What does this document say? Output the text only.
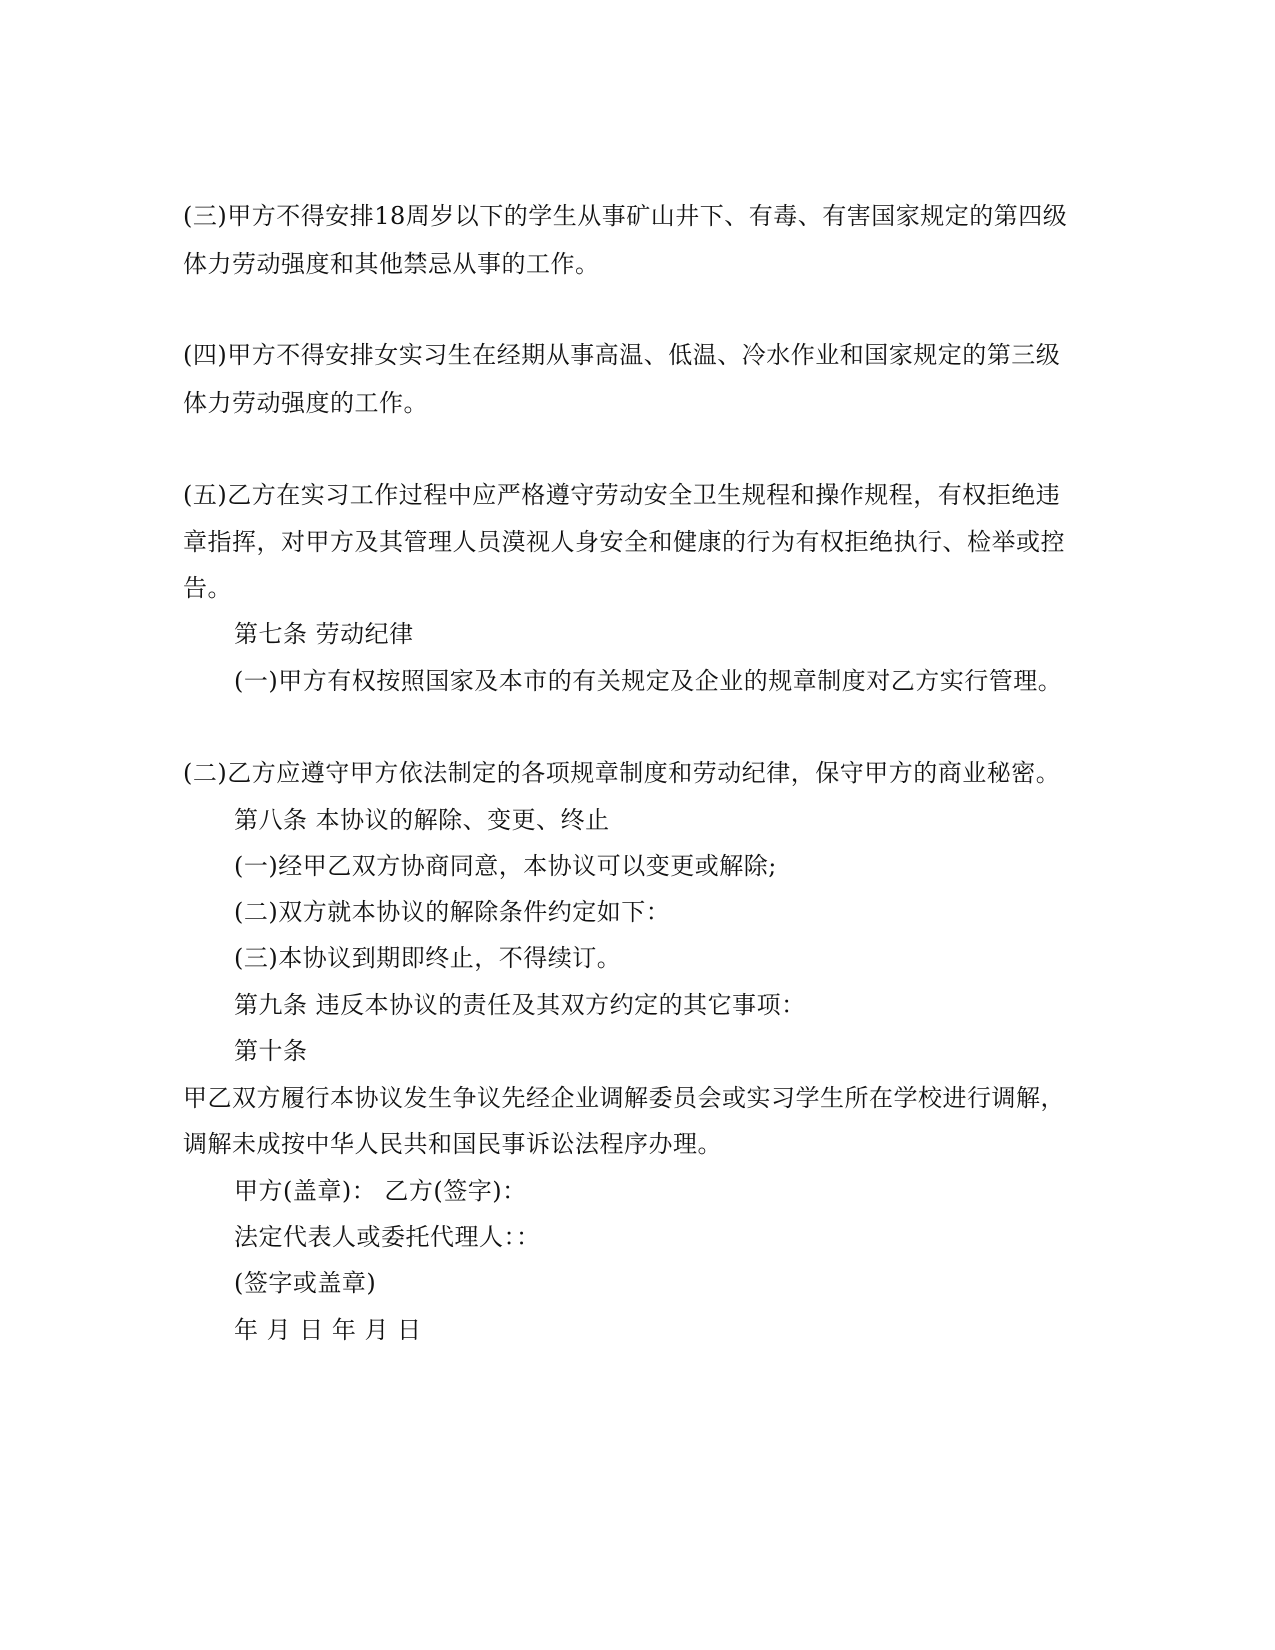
(三)甲方不得安排18周岁以下的学生从事矿山井下、有毒、有害国家规定的第四级
体力劳动强度和其他禁忌从事的工作。
(四)甲方不得安排女实习生在经期从事高温、低温、冷水作业和国家规定的第三级
体力劳动强度的工作。
(五)乙方在实习工作过程中应严格遵守劳动安全卫生规程和操作规程，有权拒绝违
章指挥，对甲方及其管理人员漠视人身安全和健康的行为有权拒绝执行、检举或控
告。
第七条 劳动纪律
(一)甲方有权按照国家及本市的有关规定及企业的规章制度对乙方实行管理。
(二)乙方应遵守甲方依法制定的各项规章制度和劳动纪律，保守甲方的商业秘密。
第八条 本协议的解除、变更、终止
(一)经甲乙双方协商同意，本协议可以变更或解除;
(二)双方就本协议的解除条件约定如下：
(三)本协议到期即终止，不得续订。
第九条 违反本协议的责任及其双方约定的其它事项：
第十条
甲乙双方履行本协议发生争议先经企业调解委员会或实习学生所在学校进行调解，
调解未成按中华人民共和国民事诉讼法程序办理。
甲方(盖章)： 乙方(签字)：
法定代表人或委托代理人：：
(签字或盖章)
年 月 日 年 月 日
